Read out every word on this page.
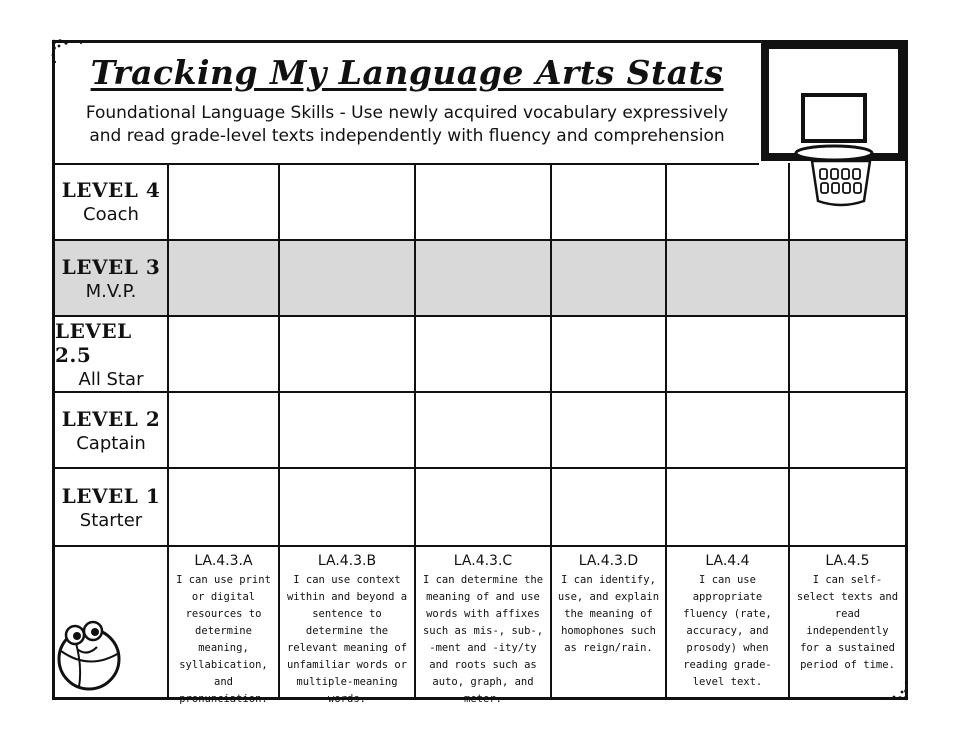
Tracking My Language Arts Stats
Foundational Language Skills - Use newly acquired vocabulary expressively and read grade-level texts independently with fluency and comprehension
LEVEL 4
Coach
LEVEL 3
M.V.P.
LEVEL 2.5
All Star
LEVEL 2
Captain
LEVEL 1
Starter
LA.4.3.A
I can use print or digital resources to determine meaning, syllabication, and pronunciation.
LA.4.3.B
I can use context within and beyond a sentence to determine the relevant meaning of unfamiliar words or multiple-meaning words.
LA.4.3.C
I can determine the meaning of and use words with affixes such as mis-, sub-, -ment and -ity/ty and roots such as auto, graph, and meter.
LA.4.3.D
I can identify, use, and explain the meaning of homophones such as reign/rain.
LA.4.4
I can use appropriate fluency (rate, accuracy, and prosody) when reading grade-level text.
LA.4.5
I can self-select texts and read independently for a sustained period of time.
